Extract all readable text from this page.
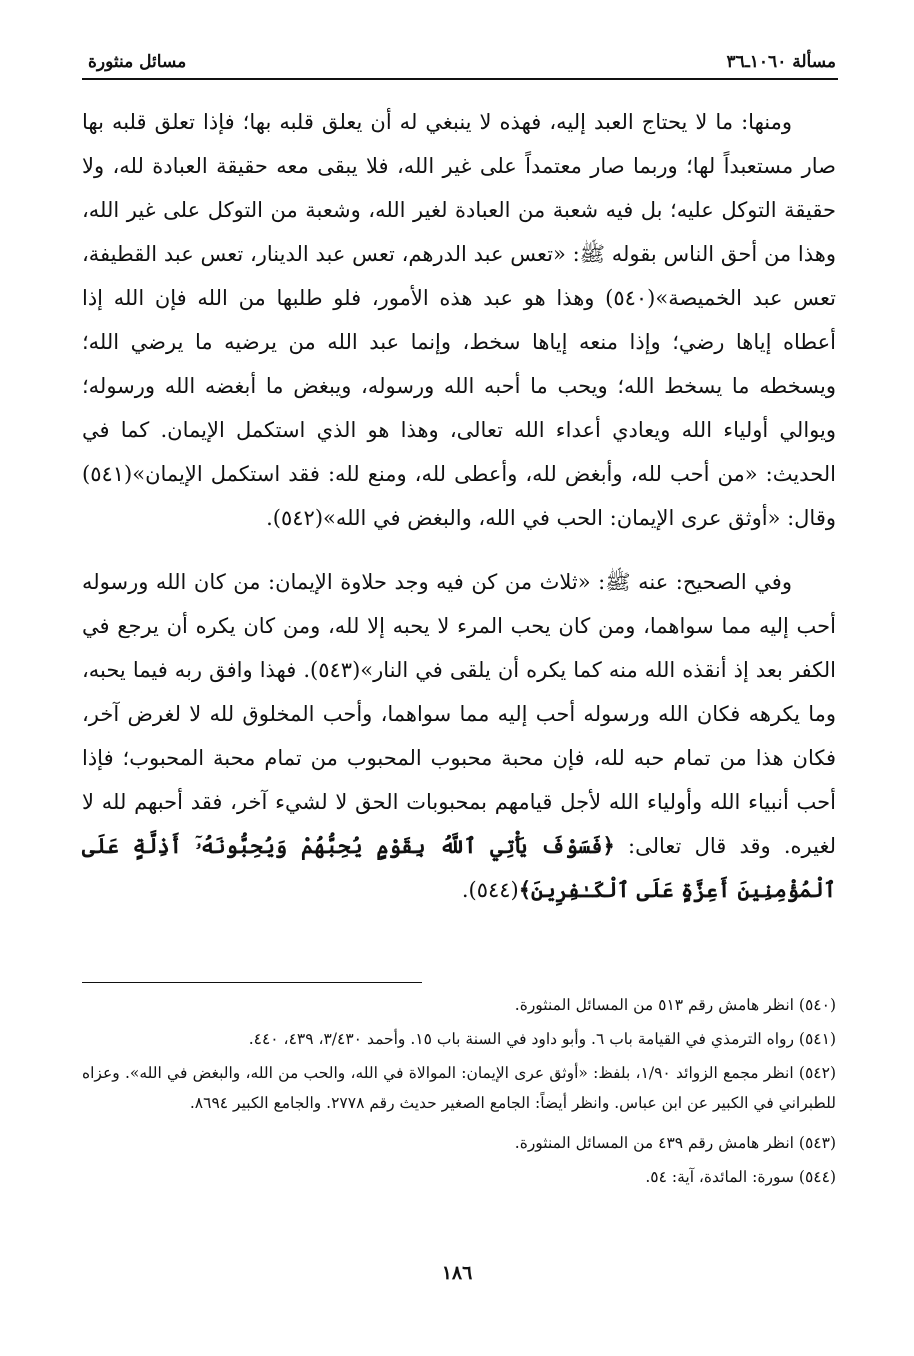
مسائل منثورة	مسألة ١٠٦٠ـ٣٦

ومنها: ما لا يحتاج العبد إليه، فهذه لا ينبغي له أن يعلق قلبه بها؛ فإذا تعلق قلبه بها صار مستعبداً لها؛ وربما صار معتمداً على غير الله، فلا يبقى معه حقيقة العبادة لله، ولا حقيقة التوكل عليه؛ بل فيه شعبة من العبادة لغير الله، وشعبة من التوكل على غير الله، وهذا من أحق الناس بقوله ﷺ: «تعس عبد الدرهم، تعس عبد الدينار، تعس عبد القطيفة، تعس عبد الخميصة»(٥٤٠) وهذا هو عبد هذه الأمور، فلو طلبها من الله فإن الله إذا أعطاه إياها رضي؛ وإذا منعه إياها سخط، وإنما عبد الله من يرضيه ما يرضي الله؛ ويسخطه ما يسخط الله؛ ويحب ما أحبه الله ورسوله، ويبغض ما أبغضه الله ورسوله؛ ويوالي أولياء الله ويعادي أعداء الله تعالى، وهذا هو الذي استكمل الإيمان. كما في الحديث: «من أحب لله، وأبغض لله، وأعطى لله، ومنع لله: فقد استكمل الإيمان»(٥٤١) وقال: «أوثق عرى الإيمان: الحب في الله، والبغض في الله»(٥٤٢).

وفي الصحيح: عنه ﷺ: «ثلاث من كن فيه وجد حلاوة الإيمان: من كان الله ورسوله أحب إليه مما سواهما، ومن كان يحب المرء لا يحبه إلا لله، ومن كان يكره أن يرجع في الكفر بعد إذ أنقذه الله منه كما يكره أن يلقى في النار»(٥٤٣). فهذا وافق ربه فيما يحبه، وما يكرهه فكان الله ورسوله أحب إليه مما سواهما، وأحب المخلوق لله لا لغرض آخر، فكان هذا من تمام حبه لله، فإن محبة محبوب المحبوب من تمام محبة المحبوب؛ فإذا أحب أنبياء الله وأولياء الله لأجل قيامهم بمحبوبات الحق لا لشيء آخر، فقد أحبهم لله لا لغيره. وقد قال تعالى: ﴿فَسَوْفَ يَأْتِي ٱللَّهُ بِقَوْمٍ يُحِبُّهُمْ وَيُحِبُّونَهُۥٓ أَذِلَّةٍ عَلَى ٱلْمُؤْمِنِينَ أَعِزَّةٍ عَلَى ٱلْكَـٰفِرِينَ﴾(٥٤٤).

(٥٤٠) انظر هامش رقم ٥١٣ من المسائل المنثورة.

(٥٤١) رواه الترمذي في القيامة باب ٦. وأبو داود في السنة باب ١٥. وأحمد ٣/٤٣٠، ٤٣٩، ٤٤٠.

(٥٤٢) انظر مجمع الزوائد ١/٩٠، بلفظ: «أوثق عرى الإيمان: الموالاة في الله، والحب من الله، والبغض في الله». وعزاه للطبراني في الكبير عن ابن عباس. وانظر أيضاً: الجامع الصغير حديث رقم ٢٧٧٨. والجامع الكبير ٨٦٩٤.

(٥٤٣) انظر هامش رقم ٤٣٩ من المسائل المنثورة.

(٥٤٤) سورة: المائدة، آية: ٥٤.

١٨٦
